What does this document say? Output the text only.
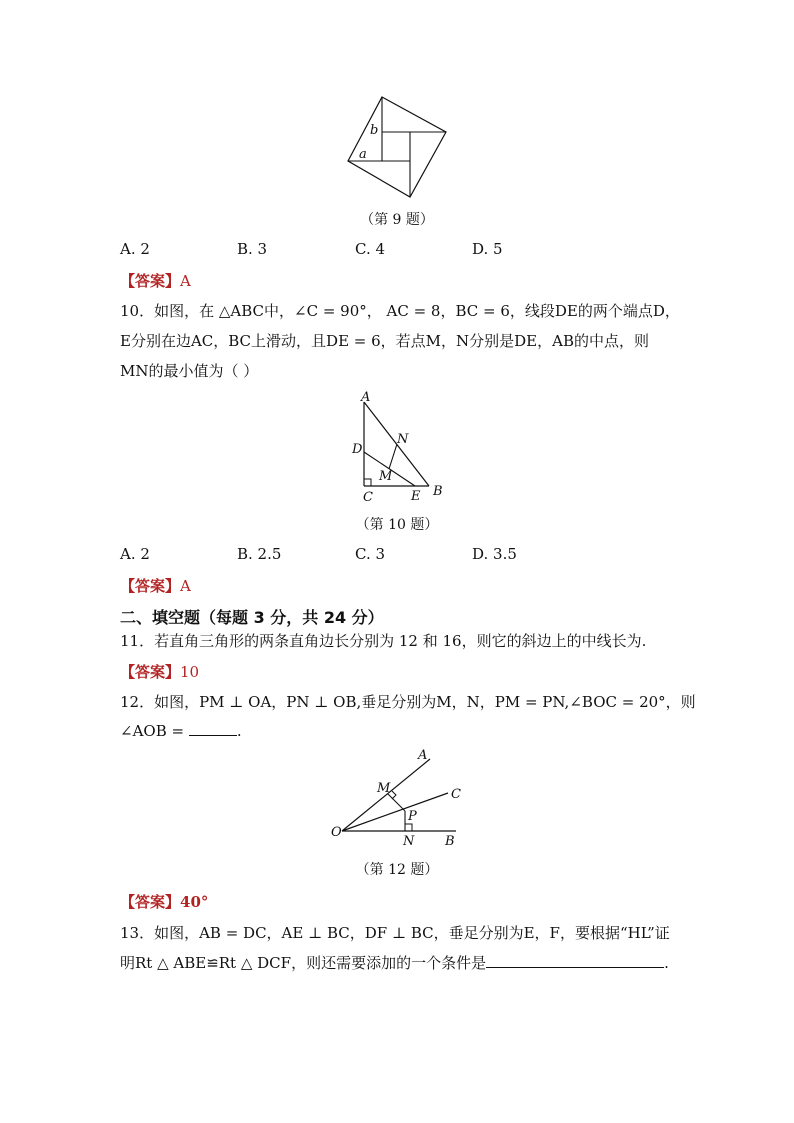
b
a
（第 9 题）
A. 2	B. 3	C. 4	D. 5
【答案】A
10．如图，在 △ABC中，∠C = 90°， AC = 8，BC = 6，线段DE的两个端点D，
E分别在边AC，BC上滑动，且DE = 6，若点M，N分别是DE，AB的中点，则
MN的最小值为（ ）
A
N
D
M
C	E B
（第 10 题）
A. 2	B. 2.5	C. 3	D. 3.5
【答案】A
二、填空题（每题 3 分，共 24 分）
11．若直角三角形的两条直角边长分别为 12 和 16，则它的斜边上的中线长为.
【答案】10
12．如图，PM ⊥ OA，PN ⊥ OB,垂足分别为M，N，PM = PN,∠BOC = 20°，则
∠AOB =	.
A
M	C
P
O
N B
（第 12 题）
【答案】40°
13．如图，AB = DC，AE ⊥ BC，DF ⊥ BC，垂足分别为E，F，要根据“HL”证
明Rt △ ABE≌Rt △ DCF，则还需要添加的一个条件是	.
